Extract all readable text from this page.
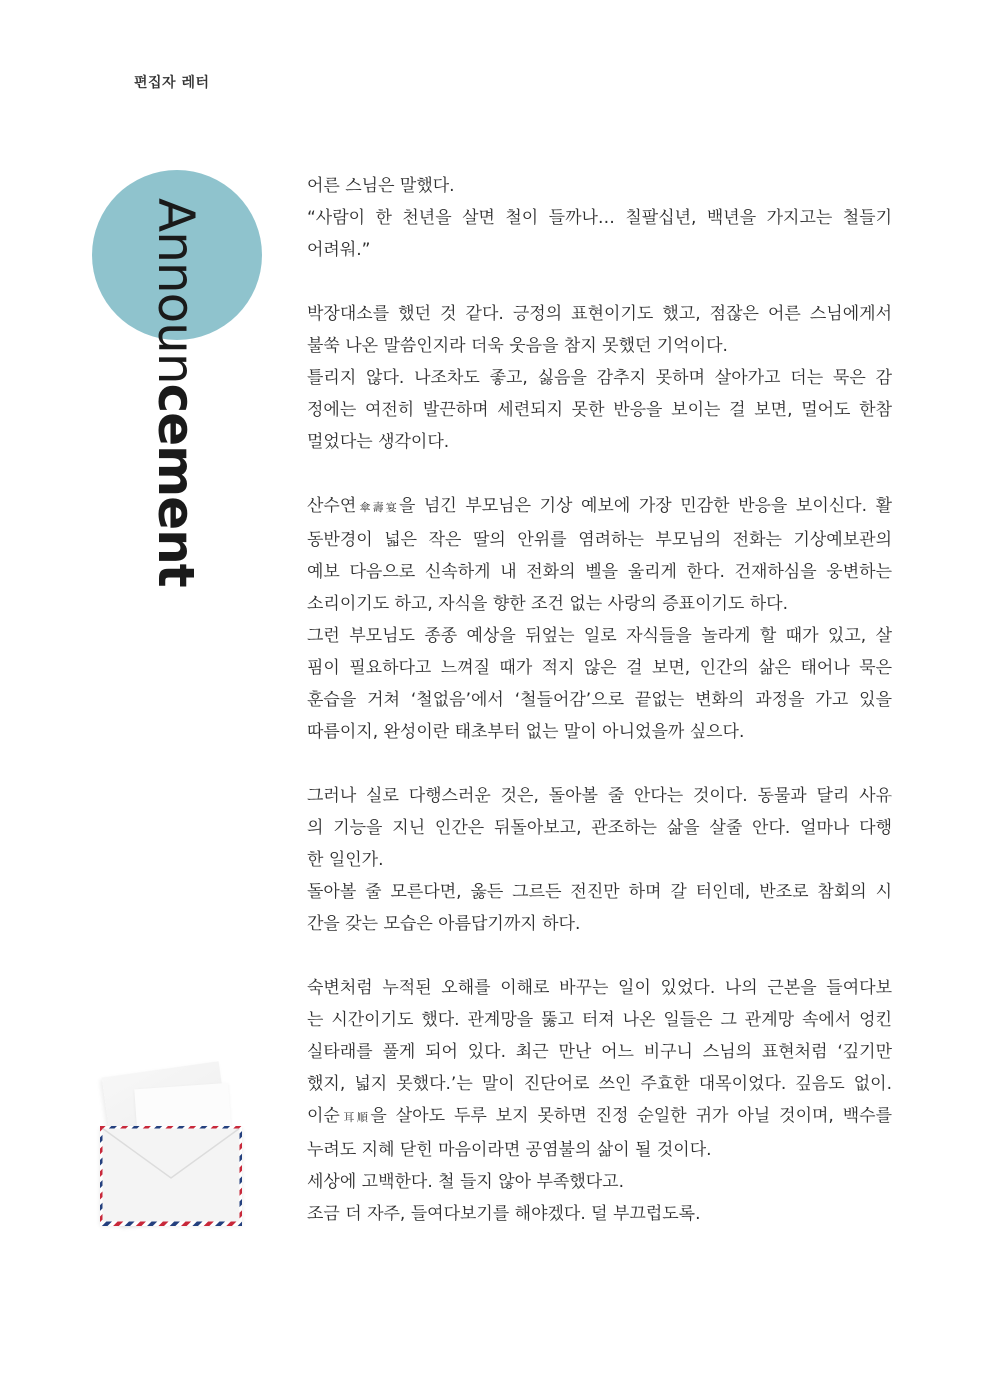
편집자 레터
Announcement
어른 스님은 말했다.
“사람이 한 천년을 살면 철이 들까나… 칠팔십년, 백년을 가지고는 철들기
어려워.”
박장대소를 했던 것 같다. 긍정의 표현이기도 했고, 점잖은 어른 스님에게서
불쑥 나온 말씀인지라 더욱 웃음을 참지 못했던 기억이다.
틀리지 않다. 나조차도 좋고, 싫음을 감추지 못하며 살아가고 더는 묵은 감
정에는 여전히 발끈하며 세련되지 못한 반응을 보이는 걸 보면, 멀어도 한참
멀었다는 생각이다.
산수연傘壽宴을 넘긴 부모님은 기상 예보에 가장 민감한 반응을 보이신다. 활
동반경이 넓은 작은 딸의 안위를 염려하는 부모님의 전화는 기상예보관의
예보 다음으로 신속하게 내 전화의 벨을 울리게 한다. 건재하심을 웅변하는
소리이기도 하고, 자식을 향한 조건 없는 사랑의 증표이기도 하다.
그런 부모님도 종종 예상을 뒤엎는 일로 자식들을 놀라게 할 때가 있고, 살
핌이 필요하다고 느껴질 때가 적지 않은 걸 보면, 인간의 삶은 태어나 묵은
훈습을 거쳐 ‘철없음’에서 ‘철들어감’으로 끝없는 변화의 과정을 가고 있을
따름이지, 완성이란 태초부터 없는 말이 아니었을까 싶으다.
그러나 실로 다행스러운 것은, 돌아볼 줄 안다는 것이다. 동물과 달리 사유
의 기능을 지닌 인간은 뒤돌아보고, 관조하는 삶을 살줄 안다. 얼마나 다행
한 일인가.
돌아볼 줄 모른다면, 옳든 그르든 전진만 하며 갈 터인데, 반조로 참회의 시
간을 갖는 모습은 아름답기까지 하다.
숙변처럼 누적된 오해를 이해로 바꾸는 일이 있었다. 나의 근본을 들여다보
는 시간이기도 했다. 관계망을 뚫고 터져 나온 일들은 그 관계망 속에서 엉킨
실타래를 풀게 되어 있다. 최근 만난 어느 비구니 스님의 표현처럼 ‘깊기만
했지, 넓지 못했다.’는 말이 진단어로 쓰인 주효한 대목이었다. 깊음도 없이.
이순耳順을 살아도 두루 보지 못하면 진정 순일한 귀가 아닐 것이며, 백수를
누려도 지혜 닫힌 마음이라면 공염불의 삶이 될 것이다.
세상에 고백한다. 철 들지 않아 부족했다고.
조금 더 자주, 들여다보기를 해야겠다. 덜 부끄럽도록.
